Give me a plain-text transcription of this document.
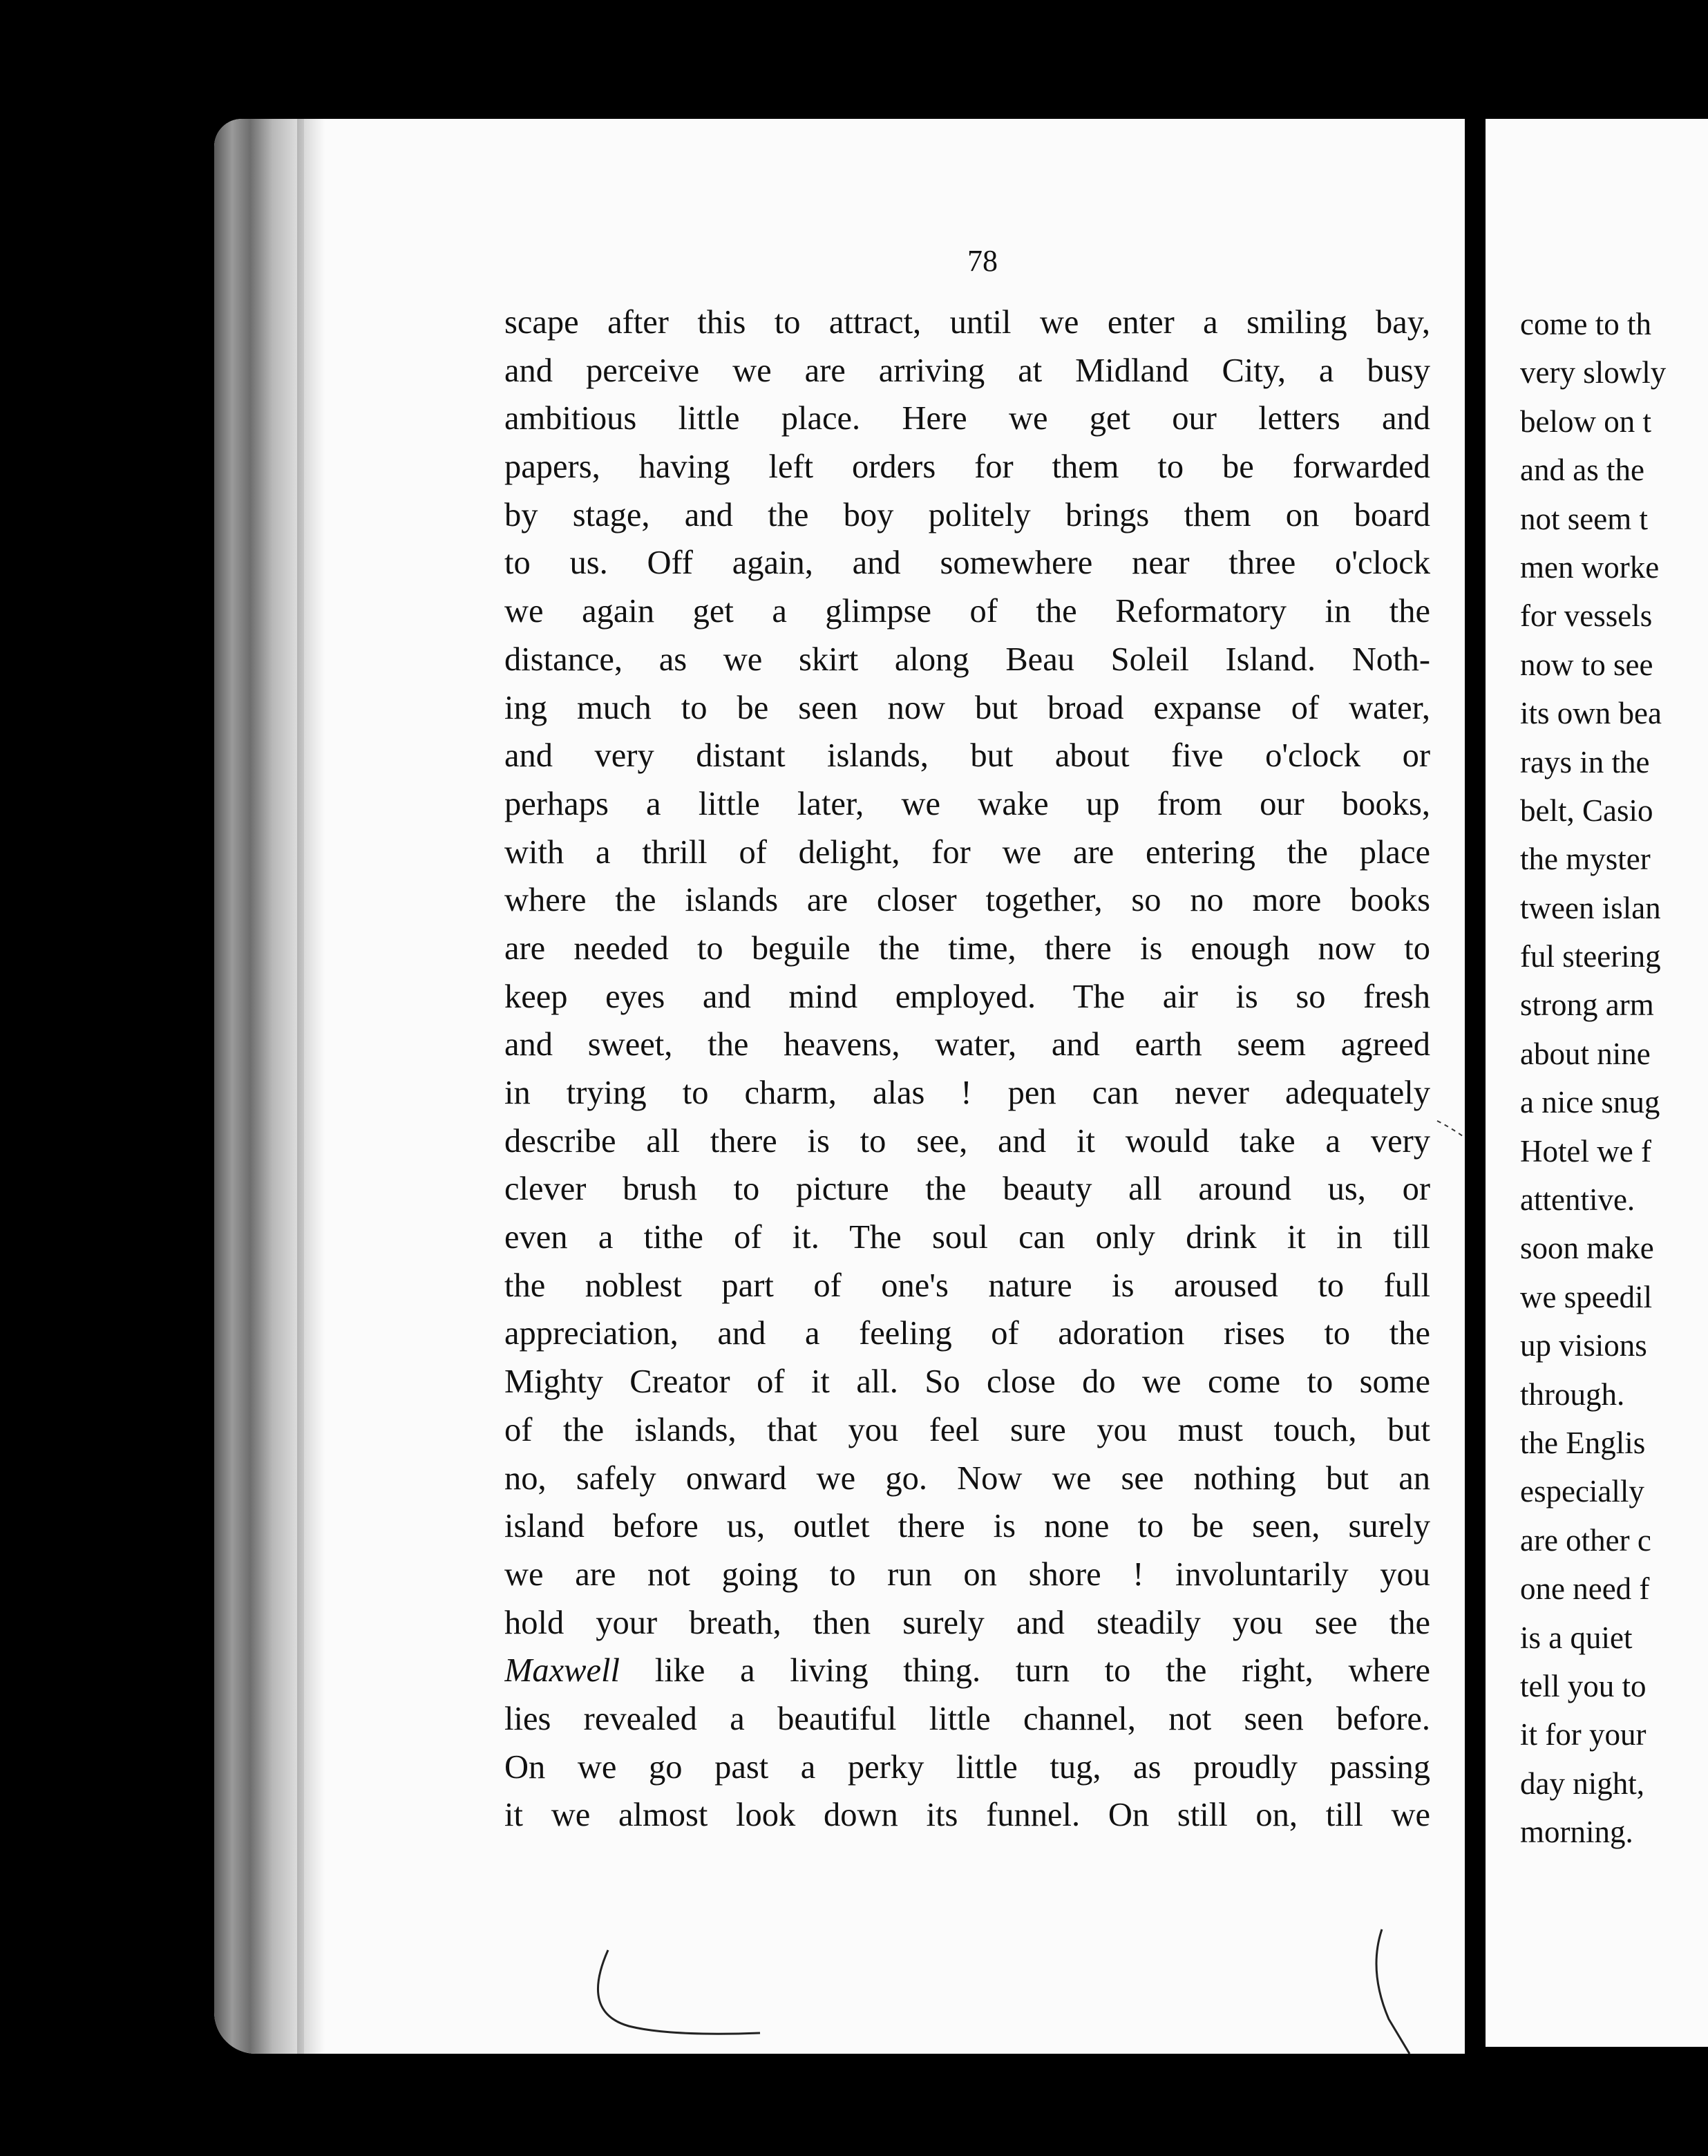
78
scape after this to attract, until we enter a smiling bay,
and perceive we are arriving at Midland City, a busy
ambitious little place. Here we get our letters and
papers, having left orders for them to be forwarded
by stage, and the boy politely brings them on board
to us. Off again, and somewhere near three o'clock
we again get a glimpse of the Reformatory in the
distance, as we skirt along Beau Soleil Island. Noth-
ing much to be seen now but broad expanse of water,
and very distant islands, but about five o'clock or
perhaps a little later, we wake up from our books,
with a thrill of delight, for we are entering the place
where the islands are closer together, so no more books
are needed to beguile the time, there is enough now to
keep eyes and mind employed. The air is so fresh
and sweet, the heavens, water, and earth seem agreed
in trying to charm, alas ! pen can never adequately
describe all there is to see, and it would take a very
clever brush to picture the beauty all around us, or
even a tithe of it. The soul can only drink it in till
the noblest part of one's nature is aroused to full
appreciation, and a feeling of adoration rises to the
Mighty Creator of it all. So close do we come to some
of the islands, that you feel sure you must touch, but
no, safely onward we go. Now we see nothing but an
island before us, outlet there is none to be seen, surely
we are not going to run on shore ! involuntarily you
hold your breath, then surely and steadily you see the
Maxwell like a living thing. turn to the right, where
lies revealed a beautiful little channel, not seen before.
On we go past a perky little tug, as proudly passing
it we almost look down its funnel. On still on, till we
come to th
very slowly
below on t
and as the
not seem t
men worke
for vessels
now to see
its own bea
rays in the
belt, Casio
the myster
tween islan
ful steering
strong arm
about nine
a nice snug
Hotel we f
attentive.
soon make
we speedil
up visions
through.
the Englis
especially
are other c
one need f
is a quiet
tell you to
it for your
day night,
morning.
